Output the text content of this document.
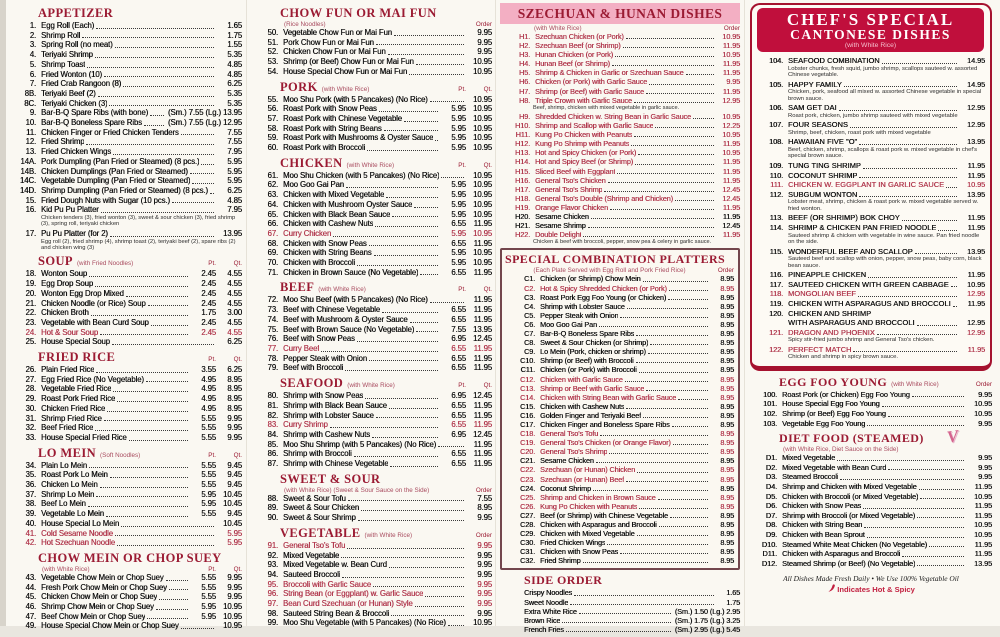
APPETIZER
1. Egg Roll (Each)	1.65
2. Shrimp Roll	1.75
3. Spring Roll (no meat)	1.55
4. Teriyaki Shrimp	5.35
5. Shrimp Toast	4.85
6. Fried Wonton (10)	4.85
7. Fried Crab Rangoon (8)	6.25
8B. Teriyaki Beef (2)	5.35
8C. Teriyaki Chicken (3)	5.35
9. Bar-B-Q Spare Ribs (with bone)	(Sm.) 7.55 (Lg.) 13.95
10. Bar-B-Q Boneless Spare Ribs	(Sm.) 7.55 (Lg.) 12.95
11. Chicken Finger or Fried Chicken Tenders	7.55
12. Fried Shrimp	7.55
13. Fried Chicken Wings	7.95
14A. Pork Dumpling (Pan Fried or Steamed) (8 pcs.)	5.95
14B. Chicken Dumplings (Pan Fried or Steamed)	5.95
14C. Vegetable Dumpling (Pan Fried or Steamed)	5.95
14D. Shrimp Dumpling (Pan Fried or Steamed) (8 pcs.)	6.25
15. Fried Dough Nuts with Sugar (10 pcs.)	4.85
16. Kid Pu Pu Platter	7.95
Chicken tenders (3), fried wonton (3), sweet & sour chicken (3), fried shrimp (3), spring roll, teriyaki chicken
17. Pu Pu Platter (for 2)	13.95
Egg roll (2), fried shrimp (4), shrimp toast (2), teriyaki beef (2), spare ribs (2) and chicken wing (3)
SOUP (with Fried Noodles)	Pt.	Qt.
18. Wonton Soup	2.45	4.55
19. Egg Drop Soup	2.45	4.55
20. Wonton Egg Drop Mixed	2.45	4.55
21. Chicken Noodle (or Rice) Soup	2.45	4.55
22. Chicken Broth	1.75	3.00
23. Vegetable with Bean Curd Soup	2.45	4.55
24. Hot & Sour Soup	2.45	4.55
25. House Special Soup	6.25
FRIED RICE	Pt.	Qt.
26. Plain Fried Rice	3.55	6.25
27. Egg Fried Rice (No Vegetable)	4.95	8.95
28. Vegetable Fried Rice	4.95	8.95
29. Roast Pork Fried Rice	4.95	8.95
30. Chicken Fried Rice	4.95	8.95
31. Shrimp Fried Rice	5.55	9.95
32. Beef Fried Rice	5.55	9.95
33. House Special Fried Rice	5.55	9.95
LO MEIN (Soft Noodles)	Pt.	Qt.
34. Plain Lo Mein	5.55	9.45
35. Roast Pork Lo Mein	5.55	9.45
36. Chicken Lo Mein	5.55	9.45
37. Shrimp Lo Mein	5.95 10.45
38. Beef Lo Mein	5.95 10.45
39. Vegetable Lo Mein	5.55	9.45
40. House Special Lo Mein	10.45
41. Cold Sesame Noodle	5.95
42. Hot Szechuan Noodle	5.95
CHOW MEIN OR CHOP SUEY
(with White Rice)	Pt.	Qt.
43. Vegetable Chow Mein or Chop Suey	5.55	9.95
44. Fresh Pork Chow Mein or Chop Suey	5.55	9.95
45. Chicken Chow Mein or Chop Suey	5.55	9.95
46. Shrimp Chow Mein or Chop Suey	5.95 10.95
47. Beef Chow Mein or Chop Suey	5.95 10.95
49. House Special Chow Mein or Chop Suey	10.95
CHOW FUN OR MAI FUN
(Rice Noodles)	Order
50. Vegetable Chow Fun or Mai Fun	9.95
51. Pork Chow Fun or Mai Fun	9.95
52. Chicken Chow Fun or Mai Fun	9.95
53. Shrimp (or Beef) Chow Fun or Mai Fun	10.95
54. House Special Chow Fun or Mai Fun	10.95
PORK (with White Rice)	Pt.	Qt.
55. Moo Shu Pork (with 5 Pancakes) (No Rice)	10.95
56. Roast Pork with Snow Peas	5.95 10.95
57. Roast Pork with Chinese Vegetable	5.95 10.95
58. Roast Pork with String Beans	5.95 10.95
59. Roast Pork with Mushrooms & Oyster Sauce	5.95 10.95
60. Roast Pork with Broccoli	5.95 10.95
CHICKEN (with White Rice)	Pt.	Qt.
61. Moo Shu Chicken (with 5 Pancakes) (No Rice)	10.95
62. Moo Goo Gai Pan	5.95 10.95
63. Chicken with Mixed Vegetable	5.95 10.95
64. Chicken with Mushroom Oyster Sauce	5.95 10.95
65. Chicken with Black Bean Sauce	5.95 10.95
66. Chicken with Cashew Nuts	6.55 11.95
67. Curry Chicken	5.95 10.95
68. Chicken with Snow Peas	6.55 11.95
69. Chicken with String Beans	5.95 10.95
70. Chicken with Broccoli	5.95 10.95
71. Chicken in Brown Sauce (No Vegetable)	6.55 11.95
BEEF (with White Rice)	Pt.	Qt.
72. Moo Shu Beef (with 5 Pancakes) (No Rice)	11.95
73. Beef with Chinese Vegetable	6.55 11.95
74. Beef with Mushroom & Oyster Sauce	6.55 11.95
75. Beef with Brown Sauce (No Vegetable)	7.55 13.95
76. Beef with Snow Peas	6.95 12.45
77. Curry Beef	6.55 11.95
78. Pepper Steak with Onion	6.55 11.95
79. Beef with Broccoli	6.55 11.95
SEAFOOD (with White Rice)	Pt.	Qt.
80. Shrimp with Snow Peas	6.95 12.45
81. Shrimp with Black Bean Sauce	6.55 11.95
82. Shrimp with Lobster Sauce	6.55 11.95
83. Curry Shrimp	6.55 11.95
84. Shrimp with Cashew Nuts	6.95 12.45
85. Moo Shu Shrimp (with 5 Pancakes) (No Rice)	11.95
86. Shrimp with Broccoli	6.55 11.95
87. Shrimp with Chinese Vegetable	6.55 11.95
SWEET & SOUR
(with White Rice) (Sweet & Sour Sauce on the Side)	Order
88. Sweet & Sour Tofu	7.55
89. Sweet & Sour Chicken	8.95
90. Sweet & Sour Shrimp	9.95
VEGETABLE (with White Rice)	Order
91. General Tso's Tofu	9.95
92. Mixed Vegetable	9.95
93. Mixed Vegetable w. Bean Curd	9.95
94. Sauteed Broccoli	9.95
95. Broccoli with Garlic Sauce	9.95
96. String Bean (or Eggplant) w. Garlic Sauce	9.95
97. Bean Curd Szechuan (or Hunan) Style	9.95
98. Sauteed String Bean & Broccoli	9.95
99. Moo Shu Vegetable (with 5 Pancakes) (No Rice)	10.95
SZECHUAN & HUNAN DISHES
(with White Rice)	Order
H1. Szechuan Chicken (or Pork)	10.95
H2. Szechuan Beef (or Shrimp)	11.95
H3. Hunan Chicken (or Pork)	10.95
H4. Hunan Beef (or Shrimp)	11.95
H5. Shrimp & Chicken in Garlic or Szechuan Sauce	11.95
H6. Chicken (or Pork) with Garlic Sauce	9.95
H7. Shrimp (or Beef) with Garlic Sauce	11.95
H8. Triple Crown with Garlic Sauce	12.95
Beef, shrimp, chicken with mixed vegetable in garlic sauce.
H9. Shredded Chicken w. String Bean in Garlic Sauce	10.95
H10. Shrimp and Scallop with Garlic Sauce	12.25
H11. Kung Po Chicken with Peanuts	10.95
H12. Kung Po Shrimp with Peanuts	11.95
H13. Hot and Spicy Chicken (or Pork)	10.95
H14. Hot and Spicy Beef (or Shrimp)	11.95
H15. Sliced Beef with Eggplant	11.95
H16. General Tso's Chicken	11.95
H17. General Tso's Shrimp	12.45
H18. General Tso's Double (Shrimp and Chicken)	12.45
H19. Orange Flavor Chicken	11.95
H20. Sesame Chicken	11.95
H21. Sesame Shrimp	12.45
H22. Double Delight	11.95
Chicken & beef with broccoli, pepper, snow pea & celery in garlic sauce.
SPECIAL COMBINATION PLATTERS
(Each Plate Served with Egg Roll and Pork Fried Rice)	Order
C1. Chicken (or Shrimp) Chow Mein	8.95
C2. Hot & Spicy Shredded Chicken (or Pork)	8.95
C3. Roast Pork Egg Foo Young (or Chicken)	8.95
C4. Shrimp with Lobster Sauce	8.95
C5. Pepper Steak with Onion	8.95
C6. Moo Goo Gai Pan	8.95
C7. Bar-B-Q Boneless Spare Ribs	8.95
C8. Sweet & Sour Chicken (or Shrimp)	8.95
C9. Lo Mein (Pork, chicken or shrimp)	8.95
C10. Shrimp (or Beef) with Broccoli	8.95
C11. Chicken (or Pork) with Broccoli	8.95
C12. Chicken with Garlic Sauce	8.95
C13. Shrimp or Beef with Garlic Sauce	8.95
C14. Chicken with String Bean with Garlic Sauce	8.95
C15. Chicken with Cashew Nuts	8.95
C16. Golden Finger and Teriyaki Beef	8.95
C17. Chicken Finger and Boneless Spare Ribs	8.95
C18. General Tso's Tofu	8.95
C19. General Tso's Chicken (or Orange Flavor)	8.95
C20. General Tso's Shrimp	8.95
C21. Sesame Chicken	8.95
C22. Szechuan (or Hunan) Chicken	8.95
C23. Szechuan (or Hunan) Beef	8.95
C24. Coconut Shrimp	8.95
C25. Shrimp and Chicken in Brown Sauce	8.95
C26. Kung Po Chicken with Peanuts	8.95
C27. Beef (or Shrimp) with Chinese Vegetable	8.95
C28. Chicken with Asparagus and Broccoli	8.95
C29. Chicken with Mixed Vegetable	8.95
C30. Fried Chicken Wings	8.95
C31. Chicken with Snow Peas	8.95
C32. Fried Shrimp	8.95
SIDE ORDER
Crispy Noodles	1.65
Sweet Noodle	1.75
Extra White Rice	(Sm.) 1.50 (Lg.) 2.95
Brown Rice	(Sm.) 1.75 (Lg.) 3.25
French Fries	(Sm.) 2.95 (Lg.) 5.45
CHEF'S SPECIAL
CANTONESE DISHES
(with White Rice)
104. SEAFOOD COMBINATION	14.95
Lobster chunks, fresh squid, jumbo shrimp, scallops sauteed w. assorted Chinese vegetable.
105. HAPPY FAMILY	14.95
Chicken, pork, seafood all mixed w. assorted Chinese vegetable in special brown sauce.
106. SAM GET DAI	12.95
Roast pork, chicken, jumbo shrimp sauteed with mixed vegetable
107. FOUR SEASONS	12.95
Shrimp, beef, chicken, roast pork with mixed vegetable
108. HAWAIIAN FIVE "O"	13.95
Beef, chicken, shrimp, scallops & roast pork w. mixed vegetable in chef's special brown sauce.
109. TUNG TING SHRIMP	11.95
110. COCONUT SHRIMP	11.95
111. CHICKEN W. EGGPLANT IN GARLIC SAUCE	10.95
112. SUBGUM WONTON	13.95
Lobster meat, shrimp, chicken & roast pork w. mixed vegetable served w. fried wonton.
113. BEEF (OR SHRIMP) BOK CHOY	11.95
114. SHRIMP & CHICKEN PAN FRIED NOODLE	11.95
Sauteed shrimp & chicken with vegetable in wine sauce. Pan fried noodle on the side.
115. WONDERFUL BEEF AND SCALLOP	13.95
Sauteed beef and scallop with onion, pepper, snow peas, baby corn, black bean sauce.
116. PINEAPPLE CHICKEN	11.95
117. SAUTEED CHICKEN WITH GREEN CABBAGE	10.95
118. MONGOLIAN BEEF	12.95
119. CHICKEN WITH ASPARAGUS AND BROCCOLI	11.95
120. CHICKEN AND SHRIMP
WITH ASPARAGUS AND BROCCOLI	12.95
121. DRAGON AND PHOENIX	12.95
Spicy stir-fried jumbo shrimp and General Tso's chicken.
122. PERFECT MATCH	11.95
Chicken and shrimp in spicy brown sauce.
EGG FOO YOUNG (with White Rice)	Order
100. Roast Pork (or Chicken) Egg Foo Young	9.95
101. House Special Egg Foo Young	10.95
102. Shrimp (or Beef) Egg Foo Young	10.95
103. Vegetable Egg Foo Young	9.95
V
DIET FOOD (STEAMED)
(with White Rice, Diet Sauce on the Side)
D1. Mixed Vegetable	9.95
D2. Mixed Vegetable with Bean Curd	9.95
D3. Steamed Broccoli	9.95
D4. Shrimp and Chicken with Mixed Vegetable	11.95
D5. Chicken with Broccoli (or Mixed Vegetable)	10.95
D6. Chicken with Snow Peas	11.95
D7. Shrimp with Broccoli (or Mixed Vegetable)	11.95
D8. Chicken with String Bean	10.95
D9. Chicken with Bean Sprout	10.95
D10. Steamed White Meat Chicken (No Vegetable)	11.95
D11. Chicken with Asparagus and Broccoli	11.95
D12. Steamed Shrimp (or Beef) (No Vegetable)	13.95
All Dishes Made Fresh Daily • We Use 100% Vegetable Oil
Indicates Hot & Spicy
